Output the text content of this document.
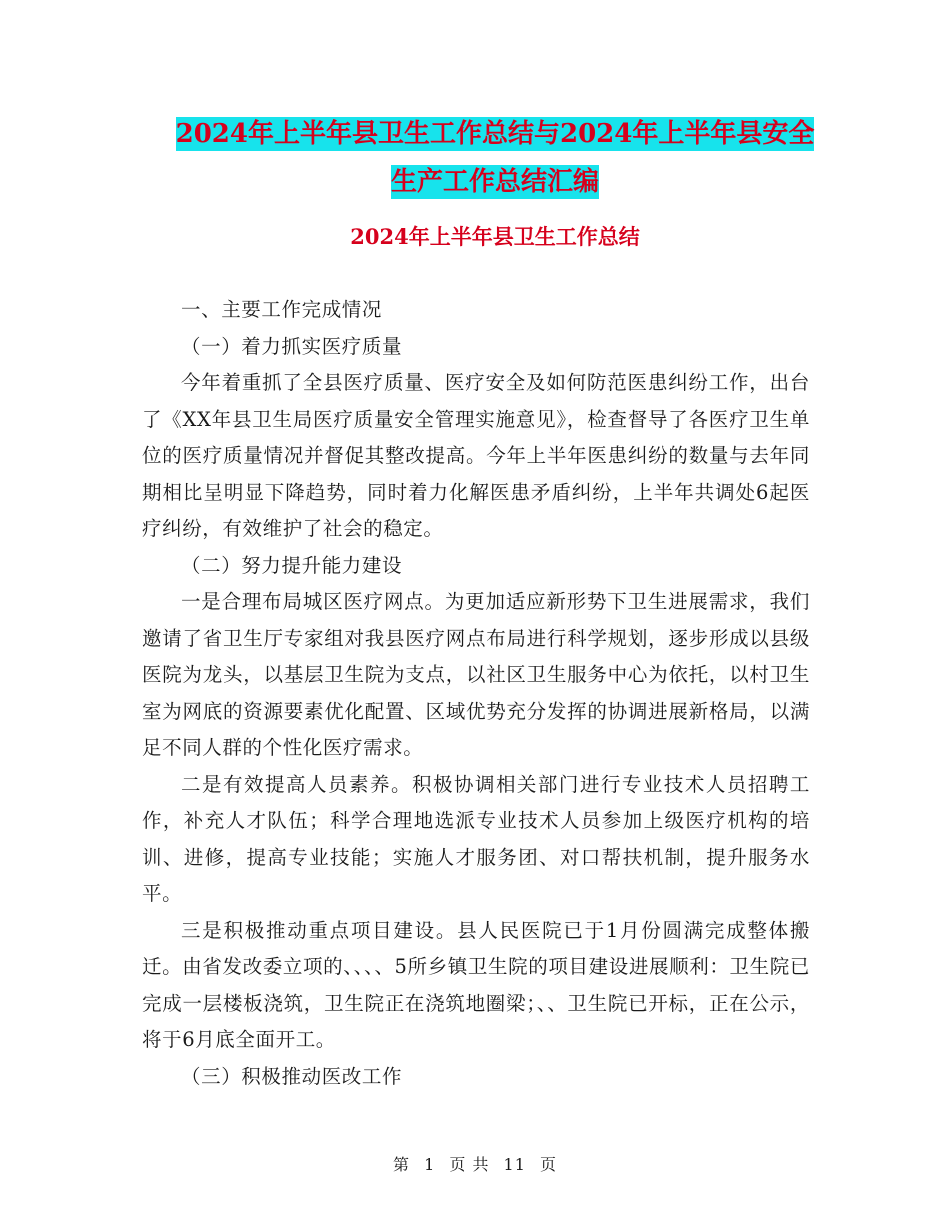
2024年上半年县卫生工作总结与2024年上半年县安全
生产工作总结汇编
2024年上半年县卫生工作总结

一、主要工作完成情况

（一）着力抓实医疗质量

今年着重抓了全县医疗质量、医疗安全及如何防范医患纠纷工作，出台了《XX年县卫生局医疗质量安全管理实施意见》，检查督导了各医疗卫生单位的医疗质量情况并督促其整改提高。今年上半年医患纠纷的数量与去年同期相比呈明显下降趋势，同时着力化解医患矛盾纠纷，上半年共调处6起医疗纠纷，有效维护了社会的稳定。

（二）努力提升能力建设

一是合理布局城区医疗网点。为更加适应新形势下卫生进展需求，我们邀请了省卫生厅专家组对我县医疗网点布局进行科学规划，逐步形成以县级医院为龙头，以基层卫生院为支点，以社区卫生服务中心为依托，以村卫生室为网底的资源要素优化配置、区域优势充分发挥的协调进展新格局，以满足不同人群的个性化医疗需求。

二是有效提高人员素养。积极协调相关部门进行专业技术人员招聘工作，补充人才队伍；科学合理地选派专业技术人员参加上级医疗机构的培训、进修，提高专业技能；实施人才服务团、对口帮扶机制，提升服务水平。

三是积极推动重点项目建设。县人民医院已于1月份圆满完成整体搬迁。由省发改委立项的、、、、5所乡镇卫生院的项目建设进展顺利：卫生院已完成一层楼板浇筑，卫生院正在浇筑地圈梁；、、卫生院已开标，正在公示，将于6月底全面开工。

（三）积极推动医改工作

第 1 页 共 11 页
